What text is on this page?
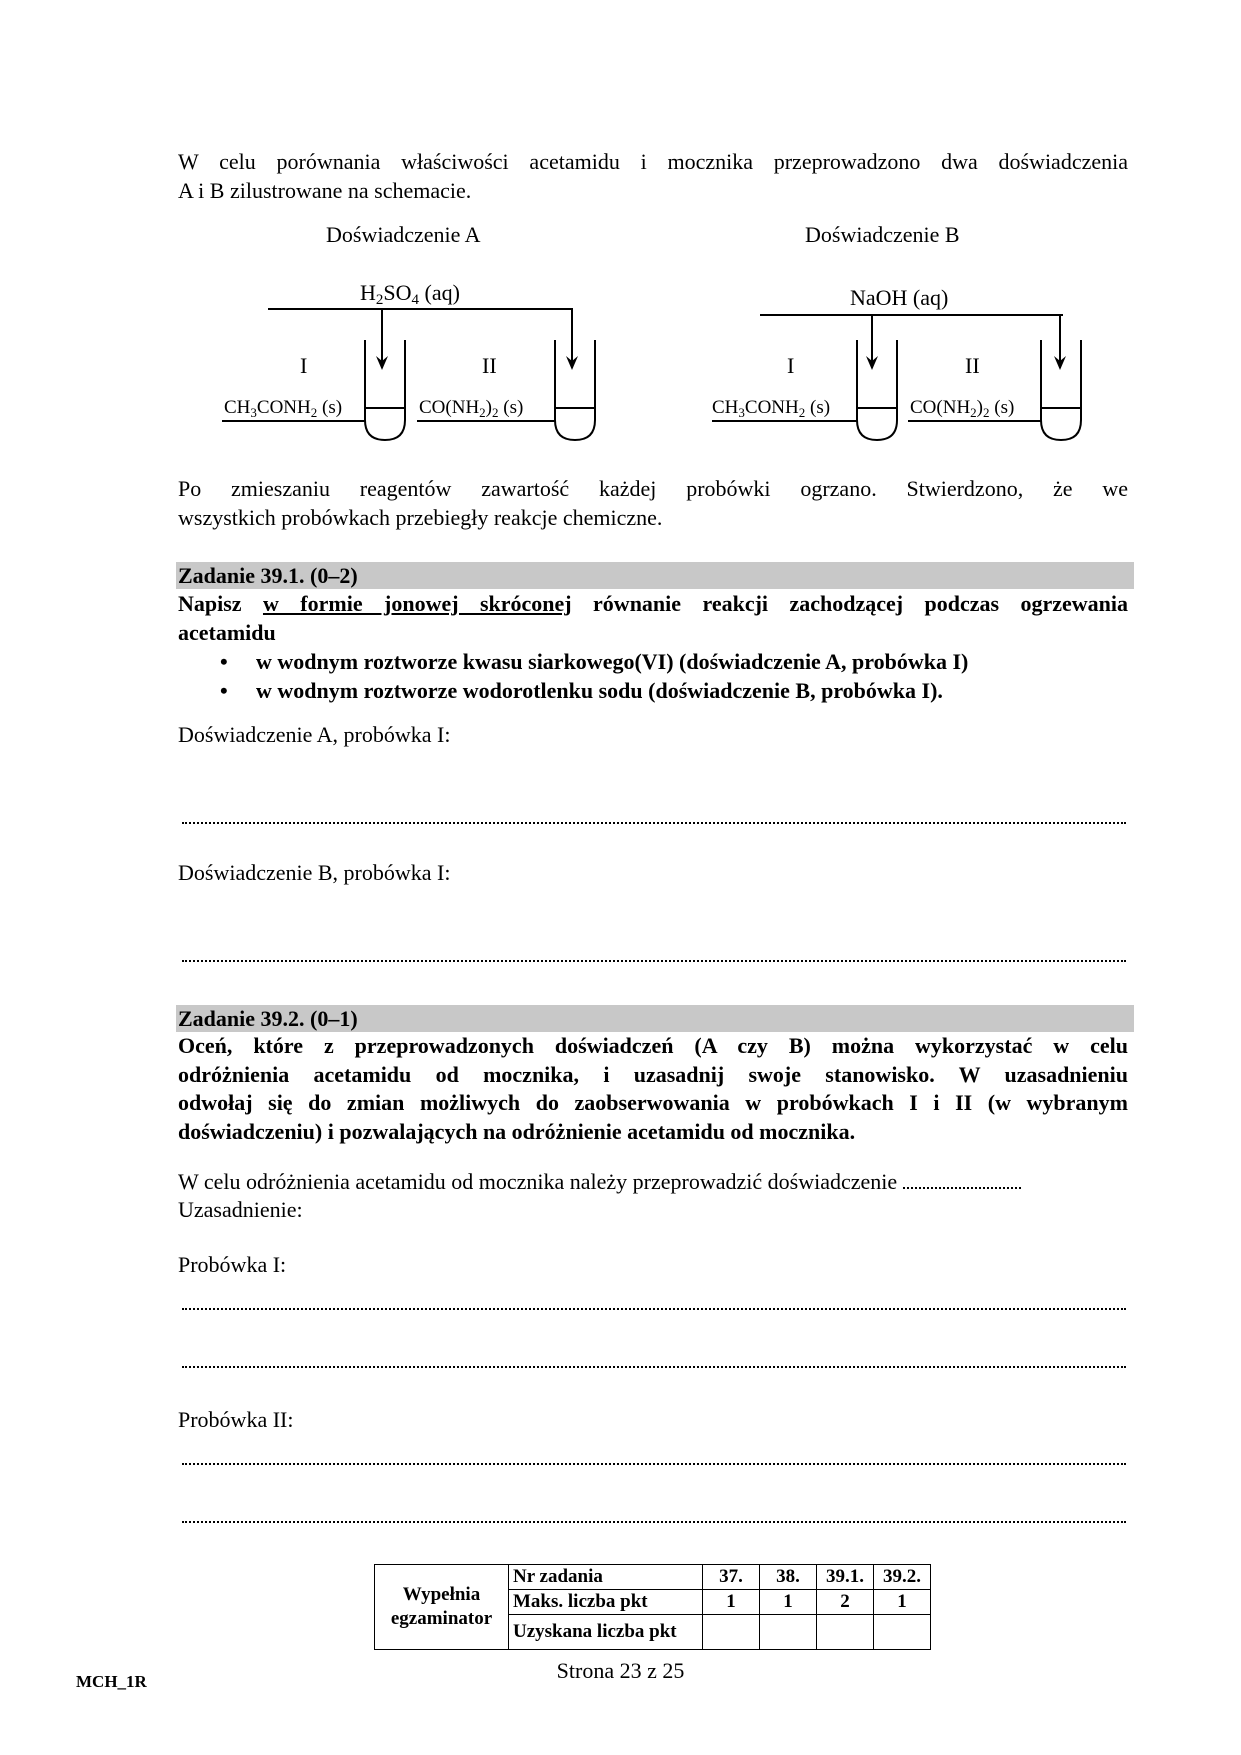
W celu porównania właściwości acetamidu i mocznika przeprowadzono dwa doświadczenia
A i B zilustrowane na schemacie.
Doświadczenie A	Doświadczenie B
H2SO4 (aq)	NaOH (aq)
I	II	I	II
$CH_3CONH_2$ (s)	$CO(NH_2)_2$ (s)	$CH_3CONH_2$ (s)	$CO(NH_2)_2$ (s)
Po zmieszaniu reagentów zawartość każdej probówki ogrzano. Stwierdzono, że we
wszystkich probówkach przebiegły reakcje chemiczne.
Zadanie 39.1. (0–2)
Napisz w formie jonowej skróconej równanie reakcji zachodzącej podczas ogrzewania
acetamidu
• w wodnym roztworze kwasu siarkowego(VI) (doświadczenie A, probówka I)
• w wodnym roztworze wodorotlenku sodu (doświadczenie B, probówka I).
Doświadczenie A, probówka I:
Doświadczenie B, probówka I:
Zadanie 39.2. (0–1)
Oceń, które z przeprowadzonych doświadczeń (A czy B) można wykorzystać w celu
odróżnienia acetamidu od mocznika, i uzasadnij swoje stanowisko. W uzasadnieniu
odwołaj się do zmian możliwych do zaobserwowania w probówkach I i II (w wybranym
doświadczeniu) i pozwalających na odróżnienie acetamidu od mocznika.
W celu odróżnienia acetamidu od mocznika należy przeprowadzić doświadczenie
Uzasadnienie:
Probówka I:
Probówka II:
Wypełnia egzaminator	Nr zadania	37.	38.	39.1.	39.2.
	Maks. liczba pkt	1	1	2	1
	Uzyskana liczba pkt				
MCH_1R	Strona 23 z 25
